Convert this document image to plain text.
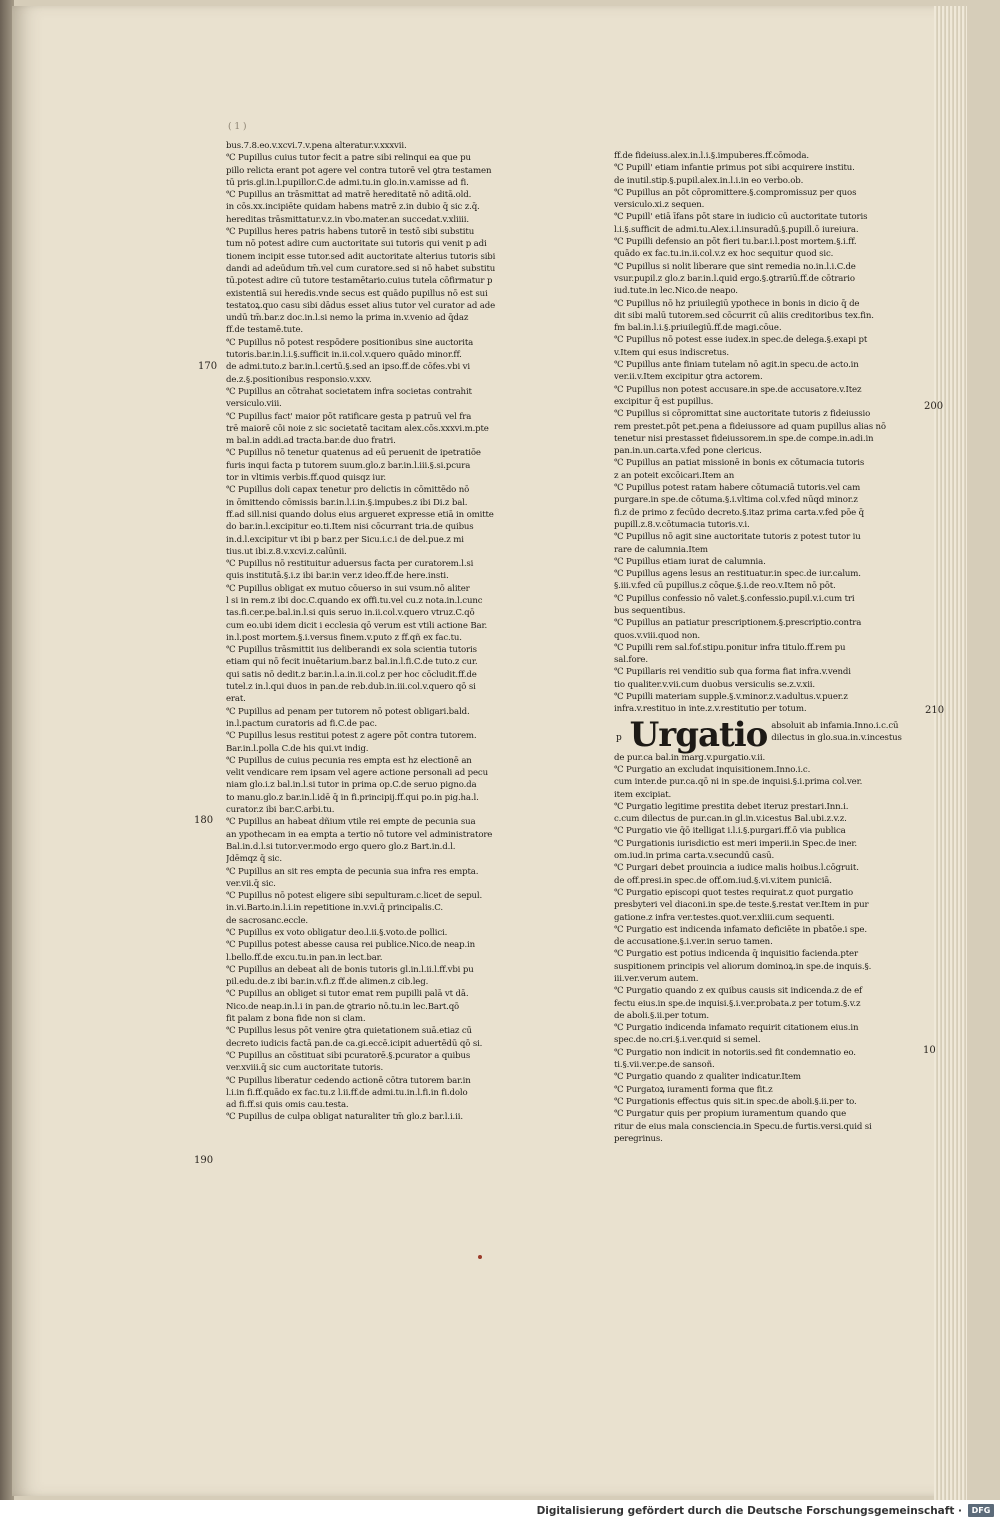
( 1 )
bus.7.8.eo.v.xcvi.7.v.pena alteratur.v.xxxvii.
℃ Pupillus cuius tutor fecit a patre sibi relinqui ea que pu
pillo relicta erant pot agere vel contra tutorē vel ꝯtra testamen
tū pris.gl.in.l.pupillor.C.de admi.tu.in glo.in.v.amisse ad fi.
℃ Pupillus an trāsmittat ad matrē hereditatē nō aditā.old.
in cōs.xx.incipiēte quidam habens matrē z.in dubio q̄ sic z.q̄.
hereditas trāsmittatur.v.z.in vbo.mater.an succedat.v.xliiii.
℃ Pupillus heres patris habens tutorē in testō sibi substitu
tum nō potest adire cum auctoritate sui tutoris qui venit p adi
tionem incipit esse tutor.sed adit auctoritate alterius tutoris sibi
dandi ad adeūdum tm̄.vel cum curatore.sed si nō habet substitu
tū.potest adire cū tutore testamētario.cuius tutela cōfirmatur p
existentiā sui heredis.vnde secus est quādo pupillus nō est sui
testatoꝝ.quo casu sibi dādus esset alius tutor vel curator ad ade
undū tm̄.bar.z doc.in.l.si nemo la prima in.v.venio ad q̄daz
ff.de testamē.tute.
℃ Pupillus nō potest respōdere positionibus sine auctorita
tutoris.bar.in.l.i.§.sufficit in.ii.col.v.quero quādo minor.ff.
de admi.tuto.z bar.in.l.certū.§.sed an ipso.ff.de cōfes.vbi vi
de.z.§.positionibus responsio.v.xxv.
℃ Pupillus an cōtrahat societatem infra societas contrahit
versiculo.viii.
℃ Pupillus fact' maior pōt ratificare gesta p patruū vel fra
trē maiorē cōi noie z sic societatē tacitam alex.cōs.xxxvi.m.pte
m bal.in addi.ad tracta.bar.de duo fratri.
℃ Pupillus nō tenetur quatenus ad eū peruenit de ipetratiōe
furis inqui facta p tutorem suum.glo.z bar.in.l.iii.§.si.pcura
tor in vltimis verbis.ff.quod quisqz iur.
℃ Pupillus doli capax tenetur pro delictis in cōmittēdo nō
in ōmittendo cōmissis bar.in.l.i.in.§.impubes.z ibi Di.z bal.
ff.ad sill.nisi quando dolus eius argueret expresse etiā in omitte
do bar.in.l.excipitur eo.ti.Item nisi cōcurrant tria.de quibus
in.d.l.excipitur vt ibi p bar.z per Sicu.i.c.i de del.pue.z mi
tius.ut ibi.z.8.v.xcvi.z.calūnii.
℃ Pupillus nō restituitur aduersus facta per curatorem.l.si
quis institutā.§.i.z ibi bar.in ver.z ideo.ff.de here.insti.
℃ Pupillus obligat ex mutuo cōuerso in sui vsum.nō aliter
l si in rem.z ibi doc.C.quando ex offi.tu.vel cu.z nota.in.l.cunc
tas.fi.cer.pe.bal.in.l.si quis seruo in.ii.col.v.quero vtruz.C.qō
cum eo.ubi idem dicit i ecclesia qō verum est vtili actione Bar.
in.l.post mortem.§.i.versus finem.v.puto z ff.qñ ex fac.tu.
℃ Pupillus trāsmittit ius deliberandi ex sola scientia tutoris
etiam qui nō fecit inuētarium.bar.z bal.in.l.fi.C.de tuto.z cur.
qui satis nō dedit.z bar.in.l.a.in.ii.col.z per hoc cōcludit.ff.de
tutel.z in.l.qui duos in pan.de reb.dub.in.iii.col.v.quero qō si
erat.
℃ Pupillus ad penam per tutorem nō potest obligari.bald.
in.l.pactum curatoris ad fi.C.de pac.
℃ Pupillus lesus restitui potest z agere pōt contra tutorem.
Bar.in.l.polla C.de his qui.vt indig.
℃ Pupillus de cuius pecunia res empta est hz electionē an
velit vendicare rem ipsam vel agere actione personali ad pecu
niam glo.i.z bal.in.l.si tutor in prima op.C.de seruo pigno.da
to manu.glo.z bar.in.l.idē q̄ in fi.principij.ff.qui po.in pig.ha.l.
curator.z ibi bar.C.arbi.tu.
℃ Pupillus an habeat dñium vtile rei empte de pecunia sua
an ypothecam in ea empta a tertio nō tutore vel administratore
Bal.in.d.l.si tutor.ver.modo ergo quero glo.z Bart.in.d.l.
Jdēmqz q̄ sic.
℃ Pupillus an sit res empta de pecunia sua infra res empta.
ver.vii.q̄ sic.
℃ Pupillus nō potest eligere sibi sepulturam.c.licet de sepul.
in.vi.Barto.in.l.i.in repetitione in.v.vi.q̄ principalis.C.
de sacrosanc.eccle.
℃ Pupillus ex voto obligatur deo.l.ii.§.voto.de pollici.
℃ Pupillus potest abesse causa rei publice.Nico.de neap.in
l.bello.ff.de excu.tu.in pan.in lect.bar.
℃ Pupillus an debeat ali de bonis tutoris gl.in.l.ii.l.ff.vbi pu
pil.edu.de.z ibi bar.in.v.fi.z ff.de alimen.z cib.leg.
℃ Pupillus an obliget si tutor emat rem pupilli palā vt dā.
Nico.de neap.in.l.i in pan.de ꝯtrario nō.tu.in lec.Bart.qō
fit palam z bona fide non si clam.
℃ Pupillus lesus pōt venire ꝯtra quietationem suā.etiaz cū
decreto iudicis factā pan.de ca.gi.eccē.icipit aduertēdū qō si.
℃ Pupillus an cōstituat sibi pcuratorē.§.pcurator a quibus
ver.xviii.q̄ sic cum auctoritate tutoris.
℃ Pupillus liberatur cedendo actionē cōtra tutorem bar.in
l.i.in fi.ff.quādo ex fac.tu.z l.ii.ff.de admi.tu.in.l.fi.in fi.dolo
ad fi.ff.si quis omis cau.testa.
℃ Pupillus de culpa obligat naturaliter tm̄ glo.z bar.l.i.ii.
ff.de fideiuss.alex.in.l.i.§.impuberes.ff.cōmoda.
℃ Pupill' etiam infantie primus pot sibi acquirere institu.
de inutil.stip.§.pupil.alex.in.l.i.in eo verbo.ob.
℃ Pupillus an pōt cōpromittere.§.compromissuz per quos
versiculo.xi.z sequen.
℃ Pupill' etiā īfans pōt stare in iudicio cū auctoritate tutoris
l.i.§.sufficit de admi.tu.Alex.i.l.insuradū.§.pupill.ō iureiura.
℃ Pupilli defensio an pōt fieri tu.bar.i.l.post mortem.§.i.ff.
quādo ex fac.tu.in.ii.col.v.z ex hoc sequitur quod sic.
℃ Pupillus si nolit liberare que sint remedia no.in.l.i.C.de
vsur.pupil.z glo.z bar.in.l.quid ergo.§.ꝯtrariū.ff.de cōtrario
iud.tute.in lec.Nico.de neapo.
℃ Pupillus nō hz priuilegiū ypothece in bonis in dicio q̄ de
dit sibi malū tutorem.sed cōcurrit cū aliis creditoribus tex.fin.
fm bal.in.l.i.§.priuilegiū.ff.de magi.cōue.
℃ Pupillus nō potest esse iudex.in spec.de delega.§.exapi pt
v.Item qui esus indiscretus.
℃ Pupillus ante finiam tutelam nō agit.in specu.de acto.in
ver.ii.v.Item excipitur ꝯtra actorem.
℃ Pupillus non potest accusare.in spe.de accusatore.v.Itez
excipitur q̄ est pupillus.
℃ Pupillus si cōpromittat sine auctoritate tutoris z fideiussio
rem prestet.pōt pet.pena a fideiussore ad quam pupillus alias nō
tenetur nisi prestasset fideiussorem.in spe.de compe.in.adi.in
pan.in.un.carta.v.fed pone clericus.
℃ Pupillus an patiat missionē in bonis ex cōtumacia tutoris
z an poteit excōicari.Item an
℃ Pupillus potest ratam habere cōtumaciā tutoris.vel cam
purgare.in spe.de cōtuma.§.i.vltima col.v.fed nūqd minor.z
fi.z de primo z fecūdo decreto.§.itaz prima carta.v.fed pōe q̄
pupill.z.8.v.cōtumacia tutoris.v.i.
℃ Pupillus nō agit sine auctoritate tutoris z potest tutor iu
rare de calumnia.Item
℃ Pupillus etiam iurat de calumnia.
℃ Pupillus agens lesus an restituatur.in spec.de iur.calum.
§.iii.v.fed cū pupillus.z cōque.§.i.de reo.v.Item nō pōt.
℃ Pupillus confessio nō valet.§.confessio.pupil.v.i.cum tri
bus sequentibus.
℃ Pupillus an patiatur prescriptionem.§.prescriptio.contra
quos.v.viii.quod non.
℃ Pupilli rem sal.fof.stipu.ponitur infra titulo.ff.rem pu
sal.fore.
℃ Pupillaris rei venditio sub qua forma fiat infra.v.vendi
tio qualiter.v.vii.cum duobus versiculis se.z.v.xii.
℃ Pupilli materiam supple.§.v.minor.z.v.adultus.v.puer.z
infra.v.restituo in inte.z.v.restitutio per totum.
p Urgatio absoluit ab infamia.Inno.i.c.cū
dilectus in glo.sua.in.v.incestus
de pur.ca bal.in marg.v.purgatio.v.ii.
℃ Purgatio an excludat inquisitionem.Inno.i.c.
cum inter.de pur.ca.qō ni in spe.de inquisi.§.i.prima col.ver.
item excipiat.
℃ Purgatio legitime prestita debet iteruz prestari.Inn.i.
c.cum dilectus de pur.can.in gl.in.v.icestus Bal.ubi.z.v.z.
℃ Purgatio vie q̄ō itelligat i.l.i.§.purgari.ff.ō via publica
℃ Purgationis iurisdictio est meri imperii.in Spec.de iner.
om.iud.in prima carta.v.secundū casū.
℃ Purgari debet prouincia a iudice malis hoibus.l.cōgruit.
de off.presi.in spec.de off.om.iud.§.vi.v.item puniciā.
℃ Purgatio episcopi quot testes requirat.z quot purgatio
presbyteri vel diaconi.in spe.de teste.§.restat ver.Item in pur
gatione.z infra ver.testes.quot.ver.xliii.cum sequenti.
℃ Purgatio est indicenda infamato deficiēte in pbatōe.i spe.
de accusatione.§.i.ver.in seruo tamen.
℃ Purgatio est potius indicenda q̄ inquisitio facienda.pter
suspitionem principis vel aliorum dominoꝝ.in spe.de inquis.§.
iii.ver.verum autem.
℃ Purgatio quando z ex quibus causis sit indicenda.z de ef
fectu eius.in spe.de inquisi.§.i.ver.probata.z per totum.§.v.z
de aboli.§.ii.per totum.
℃ Purgatio indicenda infamato requirit citationem eius.in
spec.de no.cri.§.i.ver.quid si semel.
℃ Purgatio non indicit in notoriis.sed fit condemnatio eo.
ti.§.vii.ver.pe.de sansoñ.
℃ Purgatio quando z qualiter indicatur.Item
℃ Purgatoꝝ iuramenti forma que fit.z
℃ Purgationis effectus quis sit.in spec.de aboli.§.ii.per to.
℃ Purgatur quis per propium iuramentum quando que
ritur de eius mala consciencia.in Specu.de furtis.versi.quid si
peregrinus.
170
180
190
200
210
10
Digitalisierung gefördert durch die Deutsche Forschungsgemeinschaft ·	DFG
